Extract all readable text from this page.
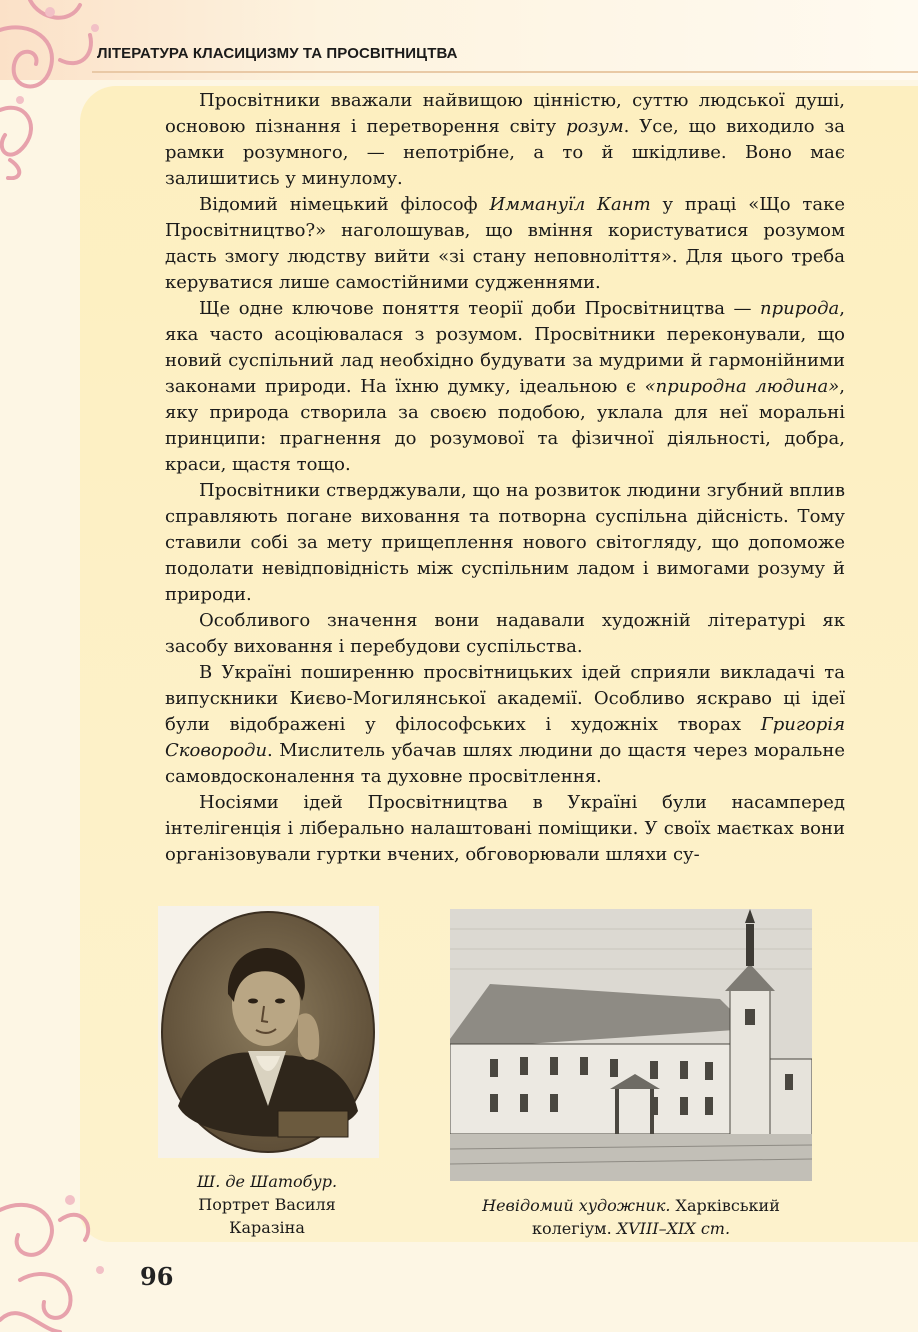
ЛІТЕРАТУРА КЛАСИЦИЗМУ ТА ПРОСВІТНИЦТВА

Просвітники вважали найвищою цінністю, суттю людської душі, основою пізнання і перетворення світу розум. Усе, що виходило за рамки розумного, — непотрібне, а то й шкідливе. Воно має залишитись у минулому.

Відомий німецький філософ Иммануїл Кант у праці «Що таке Просвітництво?» наголошував, що вміння користуватися розумом дасть змогу людству вийти «зі стану неповноліття». Для цього треба керуватися лише самостійними судженнями.

Ще одне ключове поняття теорії доби Просвітництва — природа, яка часто асоціювалася з розумом. Просвітники переконували, що новий суспільний лад необхідно будувати за мудрими й гармонійними законами природи. На їхню думку, ідеальною є «природна людина», яку природа створила за своєю подобою, уклала для неї моральні принципи: прагнення до розумової та фізичної діяльності, добра, краси, щастя тощо.

Просвітники стверджували, що на розвиток людини згубний вплив справляють погане виховання та потворна суспільна дійсність. Тому ставили собі за мету прищеплення нового світогляду, що допоможе подолати невідповідність між суспільним ладом і вимогами розуму й природи.

Особливого значення вони надавали художній літературі як засобу виховання і перебудови суспільства.

В Україні поширенню просвітницьких ідей сприяли викладачі та випускники Києво-Могилянської академії. Особливо яскраво ці ідеї були відображені у філософських і художніх творах Григорія Сковороди. Мислитель убачав шлях людини до щастя через моральне самовдосконалення та духовне просвітлення.

Носіями ідей Просвітництва в Україні були насамперед інтелігенція і ліберально налаштовані поміщики. У своїх маєтках вони організовували гуртки вчених, обговорювали шляхи су-

Ш. де Шатобур.
Портрет Василя Каразіна
Невідомий художник. Харківський колегіум. XVIII–XIX ст.
96
